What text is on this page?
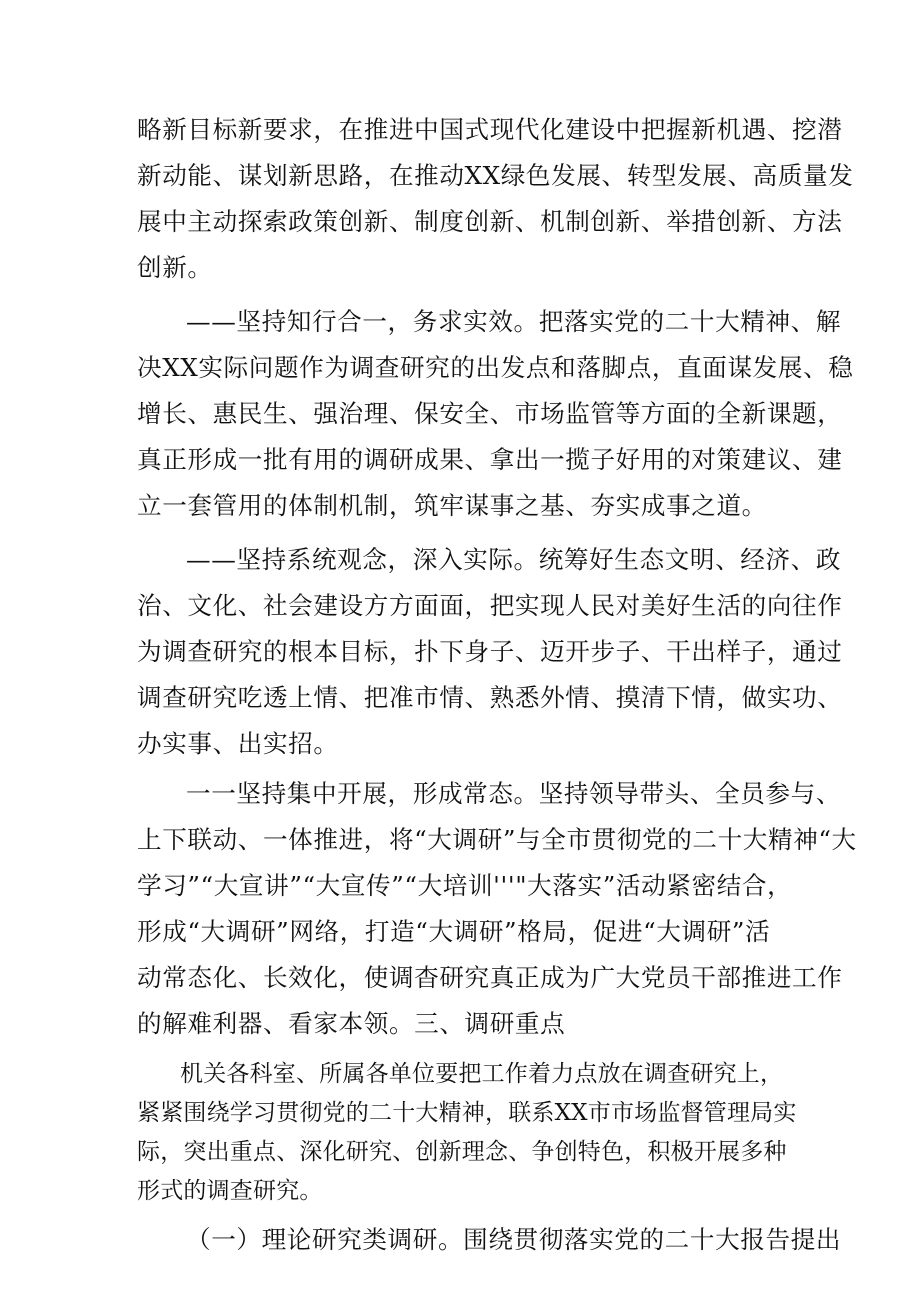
略新目标新要求，在推进中国式现代化建设中把握新机遇、挖潜
新动能、谋划新思路，在推动XX绿色发展、转型发展、高质量发
展中主动探索政策创新、制度创新、机制创新、举措创新、方法
创新。
——坚持知行合一，务求实效。把落实党的二十大精神、解
决XX实际问题作为调查研究的出发点和落脚点，直面谋发展、稳
增长、惠民生、强治理、保安全、市场监管等方面的全新课题，
真正形成一批有用的调研成果、拿出一揽子好用的对策建议、建
立一套管用的体制机制，筑牢谋事之基、夯实成事之道。
——坚持系统观念，深入实际。统筹好生态文明、经济、政
治、文化、社会建设方方面面，把实现人民对美好生活的向往作
为调查研究的根本目标，扑下身子、迈开步子、干出样子，通过
调查研究吃透上情、把准市情、熟悉外情、摸清下情，做实功、
办实事、出实招。
一一坚持集中开展，形成常态。坚持领导带头、全员参与、
上下联动、一体推进，将“大调研”与全市贯彻党的二十大精神“大
学习”“大宣讲”“大宣传”“大培训'''"大落实”活动紧密结合，
形成“大调研”网络，打造“大调研”格局，促进“大调研”活
动常态化、长效化，使调杳研究真正成为广大党员干部推进工作
的解难利器、看家本领。三、调研重点
机关各科室、所属各单位要把工作着力点放在调查研究上，
紧紧围绕学习贯彻党的二十大精神，联系XX市市场监督管理局实
际，突出重点、深化研究、创新理念、争创特色，积极开展多种
形式的调查研究。
（一）理论研究类调研。围绕贯彻落实党的二十大报告提出
